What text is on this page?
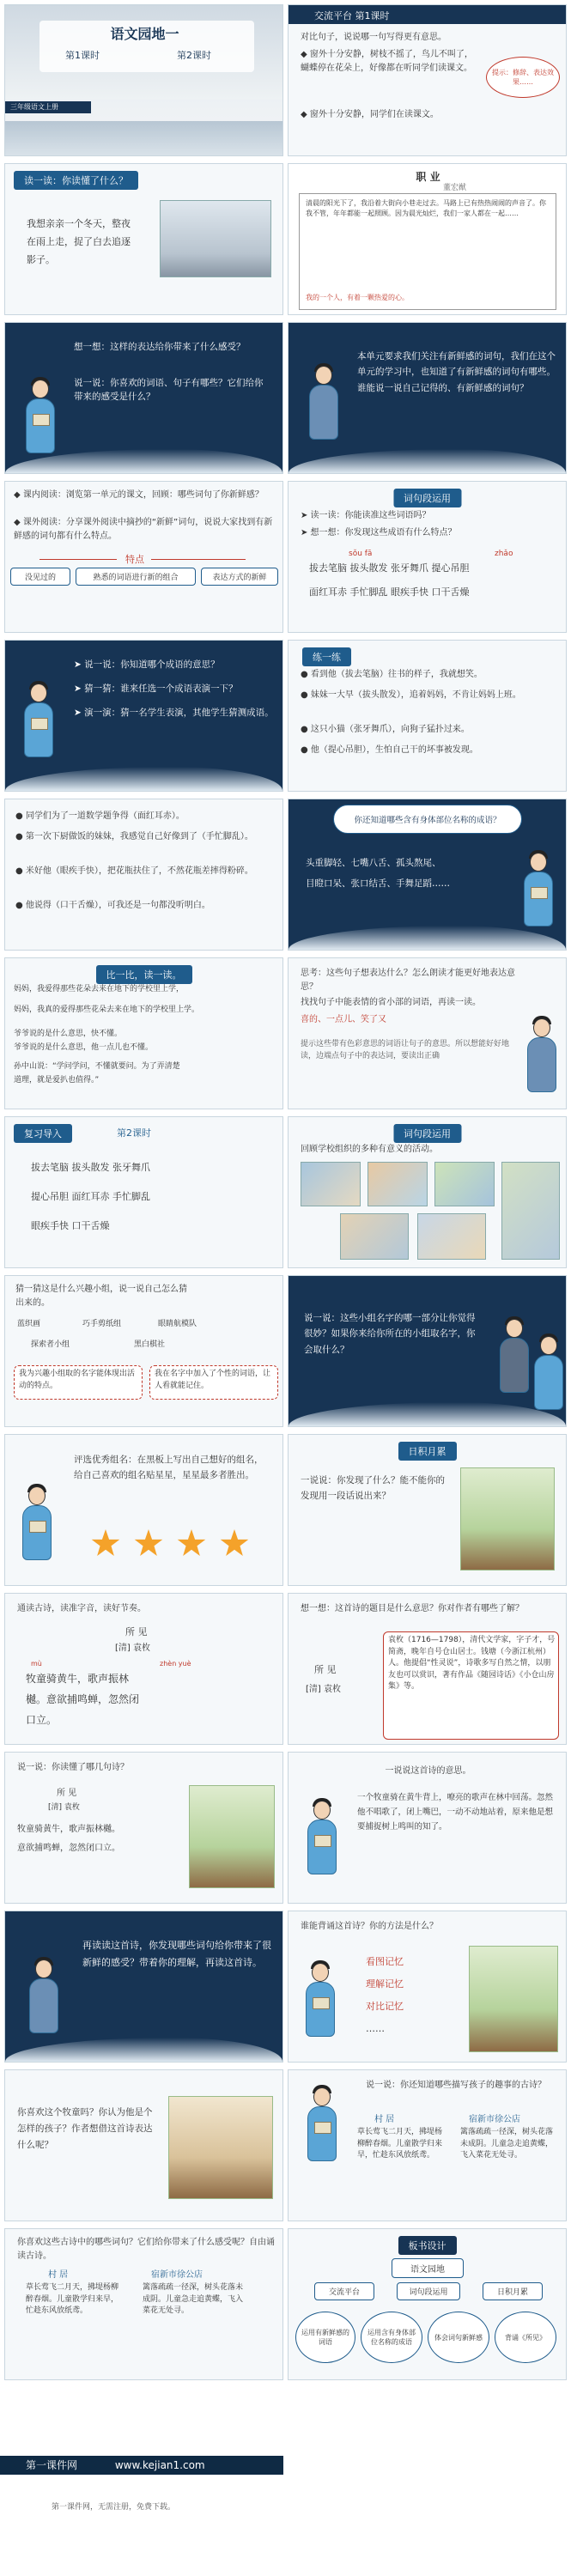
语文园地一
第1课时	第2课时
三年级语文上册
交流平台 第1课时
对比句子，说说哪一句写得更有意思。
◆ 窗外十分安静，树枝不摇了，鸟儿不叫了，蝴蝶停在花朵上，好像都在听同学们读课文。
◆ 窗外十分安静，同学们在读课文。
提示：修辞、表达效果……
读一读：你读懂了什么？
我想亲亲一个冬天，整夜在雨上走，捉了白去追逐影子。
职 业
董宏猷
清晨的阳光下了，我沿着大街向小巷走过去。马路上已有热热闹闹的声音了。你我不管，年年都能一起照顾。因为晨光灿烂，我们一家人都在一起……
我的一个人，有着一颗热爱的心。
想一想：这样的表达给你带来了什么感受？
说一说：你喜欢的词语、句子有哪些？它们给你带来的感受是什么？
本单元要求我们关注有新鲜感的词句，我们在这个单元的学习中，也知道了有新鲜感的词句有哪些。谁能说一说自己记得的、有新鲜感的词句？
◆ 课内阅读：浏览第一单元的课文，回顾：哪些词句了你新鲜感？
◆ 课外阅读：分享课外阅读中摘抄的“新鲜”词句，说说大家找到有新鲜感的词句都有什么特点。
特点
没见过的	熟悉的词语进行新的组合	表达方式的新鲜
词句段运用
➤ 读一读：你能读准这些词语吗？
➤ 想一想：你发现这些成语有什么特点？
sǒu fā	zhǎo
拔去笔脑 拔头散发 张牙舞爪 提心吊胆
面红耳赤 手忙脚乱 眼疾手快 口干舌燥
➤ 说一说：你知道哪个成语的意思？
➤ 猜一猜：谁来任选一个成语表演一下？
➤ 演一演：猜一名学生表演，其他学生猜测成语。
练一练
● 看到他（拔去笔脑）往书的样子，我就想笑。
● 妹妹一大早（拔头散发），追着妈妈，不肯让妈妈上班。
● 这只小猫（张牙舞爪），向狗子猛扑过来。
● 他（提心吊胆），生怕自己干的坏事被发现。
● 同学们为了一道数学题争得（面红耳赤）。
● 第一次下厨做饭的妹妹，我感觉自己好像到了（手忙脚乱）。
● 米好他（眼疾手快），把花瓶扶住了，不然花瓶差摔得粉碎。
● 他说得（口干舌燥），可我还是一句都没听明白。
你还知道哪些含有身体部位名称的成语？
头重脚轻、七嘴八舌、孤头熬尾、
目瞪口呆、张口结舌、手舞足蹈……
比一比，读一读。
妈妈，我爱得那些花朵去来在地下的学校里上学，
妈妈，我真的爱得那些花朵去来在地下的学校里上学。
爷爷说的是什么意思，快不懂。
爷爷说的是什么意思，他一点儿也不懂。
孙中山说：“学问学问，不懂就要问。为了弄清楚
道理，就是爱扒也值得。”
思考：这些句子想表达什么？怎么朗读才能更好地表达意思？
找找句子中能表情的省小部的词语，再读一读。
喜的、一点儿、笑了又
提示这些带有色彩意思的词语让句子的意思。所以想能好好地读，边端点句子中的表达词，要读出正确
复习导入	第2课时
拔去笔脑 拔头散发 张牙舞爪
提心吊胆 面红耳赤 手忙脚乱
眼疾手快 口干舌燥
词句段运用
回顾学校组织的多种有意义的活动。
猜一猜这是什么兴趣小组，说一说自己怎么猜出来的。
蓝织画	巧手剪纸组	眼睛航模队
探索者小组	黑白棋社
我为兴趣小组取的名字能体现出活动的特点。
我在名字中加入了个性的词语，让人看就能记住。
说一说：这些小组名字的哪一部分让你觉得很妙？如果你来给你所在的小组取名字，你会取什么？
评选优秀组名：在黑板上写出自己想好的组名，给自己喜欢的组名贴星星，星星最多者胜出。
日积月累
一说说：你发现了什么？能不能你的发现用一段话说出来？
通读古诗，读准字音，读好节奏。
所 见
[清] 袁枚
mù	zhèn yuè
牧童骑黄牛，歌声振林
樾。意欲捕鸣蝉，忽然闭
口立。
想一想：这首诗的题目是什么意思？你对作者有哪些了解？
所 见
[清] 袁枚
袁枚（1716—1798），清代文学家，字子才，号简斋，晚年自号仓山居士。钱塘（今浙江杭州）人。他提倡“性灵说”，诗歌多写自然之情，以朋友也可以赏识，著有作品《随园诗话》《小仓山房集》等。
说一说：你读懂了哪几句诗？
所 见
[清] 袁枚
牧童骑黄牛，歌声振林樾。
意欲捕鸣蝉，忽然闭口立。
一说说这首诗的意思。
一个牧童骑在黄牛背上，嘹亮的歌声在林中回荡。忽然他不唱歌了，闭上嘴巴，一动不动地站着，原来他是想要捕捉树上鸣叫的知了。
再读读这首诗，你发现哪些词句给你带来了很新鲜的感受？带着你的理解，再读这首诗。
谁能背诵这首诗？你的方法是什么？
看图记忆
理解记忆
对比记忆
……
你喜欢这个牧童吗？你认为他是个怎样的孩子？作者想借这首诗表达什么呢？
说一说：你还知道哪些描写孩子的趣事的古诗？
村 居
草长莺飞二月天，拂堤杨柳醉春烟。儿童散学归来早，忙趁东风放纸鸢。
宿新市徐公店
篱落疏疏一径深，树头花落未成阴。儿童急走追黄蝶，飞入菜花无处寻。
你喜欢这些古诗中的哪些词句？它们给你带来了什么感受呢？自由诵读古诗。
村 居
草长莺飞二月天，拂堤杨柳醉春烟。儿童散学归来早，忙趁东风放纸鸢。
宿新市徐公店
篱落疏疏一径深，树头花落未成阴。儿童急走追黄蝶，飞入菜花无处寻。
板书设计
语文园地
交流平台	词句段运用	日积月累
运用有新鲜感的词语
运用含有身体部位名称的成语
体会词句新鲜感	背诵《所见》
第一课件网	www.kejian1.com
第一课件网，无需注册，免费下载。
